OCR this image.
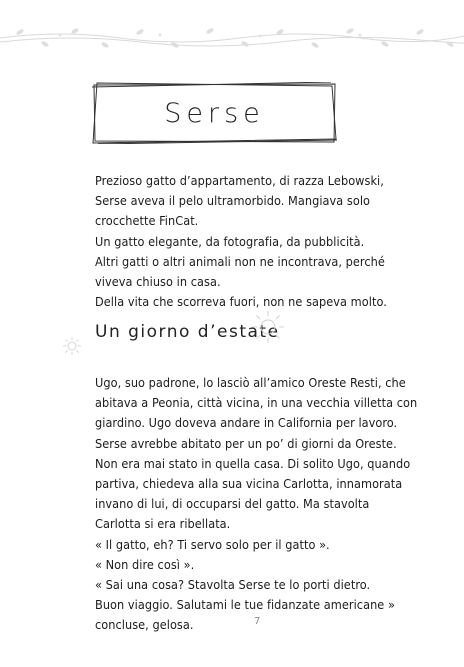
Serse
Prezioso gatto d’appartamento, di razza Lebowski,
Serse aveva il pelo ultramorbido. Mangiava solo
crocchette FinCat.
Un gatto elegante, da fotografia, da pubblicità.
Altri gatti o altri animali non ne incontrava, perché
viveva chiuso in casa.
Della vita che scorreva fuori, non ne sapeva molto.
Un giorno d’estate
Ugo, suo padrone, lo lasciò all’amico Oreste Resti, che
abitava a Peonia, città vicina, in una vecchia villetta con
giardino. Ugo doveva andare in California per lavoro.
Serse avrebbe abitato per un po’ di giorni da Oreste.
Non era mai stato in quella casa. Di solito Ugo, quando
partiva, chiedeva alla sua vicina Carlotta, innamorata
invano di lui, di occuparsi del gatto. Ma stavolta
Carlotta si era ribellata.
« Il gatto, eh? Ti servo solo per il gatto ».
« Non dire così ».
« Sai una cosa? Stavolta Serse te lo porti dietro.
Buon viaggio. Salutami le tue fidanzate americane »
concluse, gelosa.	7
